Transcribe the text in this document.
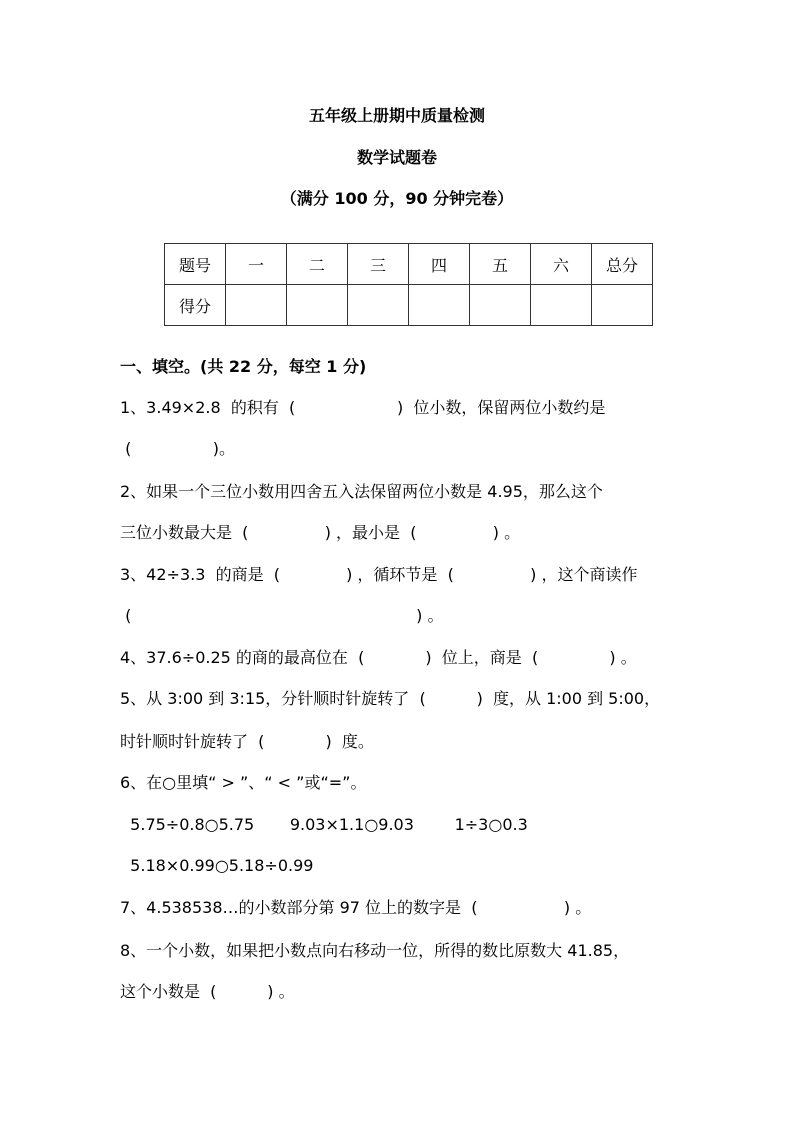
五年级上册期中质量检测
数学试题卷
（满分 100 分，90 分钟完卷）
题号	一	二	三	四	五	六	总分
得分							
一、填空。(共 22 分，每空 1 分)
1、3.49×2.8  的积有  (                    )  位小数，保留两位小数约是
(                )。
2、如果一个三位小数用四舍五入法保留两位小数是 4.95，那么这个
三位小数最大是  (               ) ，最小是  (               ) 。
3、42÷3.3  的商是  (             ) ，循环节是  (               ) ，这个商读作
(                                                        ) 。
4、37.6÷0.25 的商的最高位在  (            )  位上，商是  (              ) 。
5、从 3:00 到 3:15，分针顺时针旋转了  (          )  度，从 1:00 到 5:00，
时针顺时针旋转了  (            )  度。
6、在○里填“ > ”、“ < ”或“=”。
5.75÷0.8○5.75       9.03×1.1○9.03        1÷3○0.3
5.18×0.99○5.18÷0.99
7、4.538538…的小数部分第 97 位上的数字是  (                 ) 。
8、一个小数，如果把小数点向右移动一位，所得的数比原数大 41.85，
这个小数是  (          ) 。
